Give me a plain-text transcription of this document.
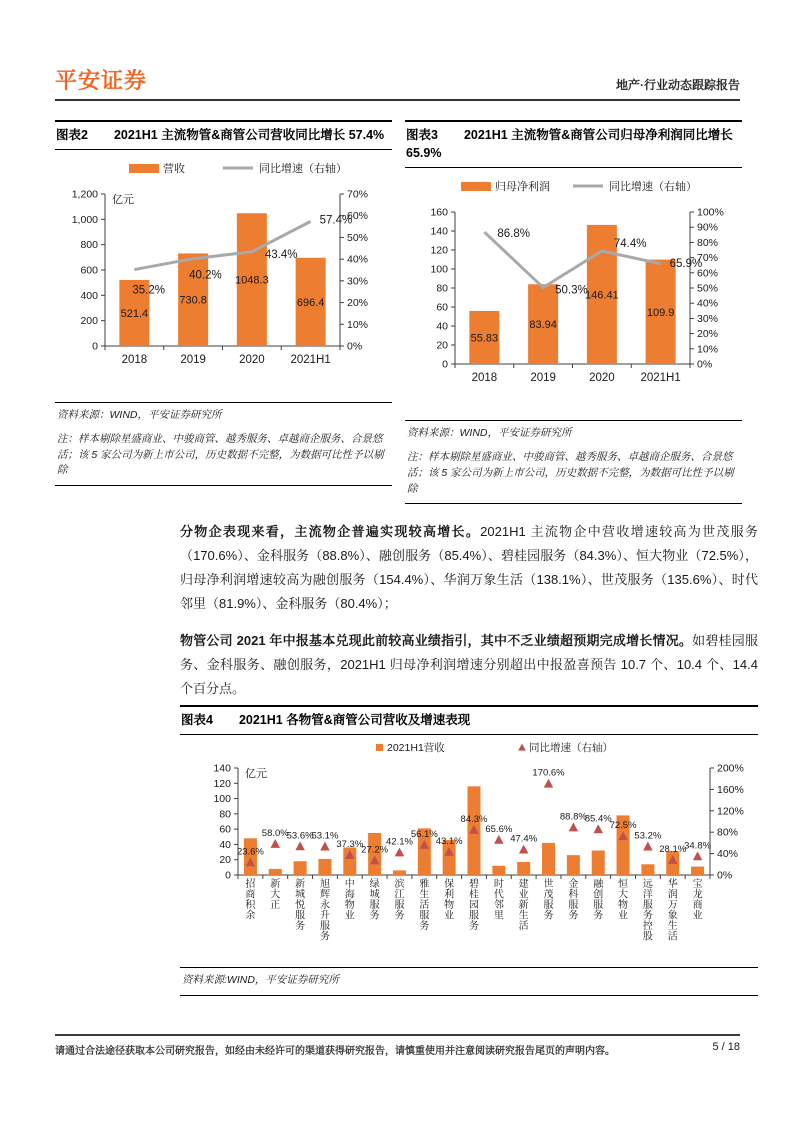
平安证券	地产·行业动态跟踪报告
图表2 2021H1 主流物管&商管公司营收同比增长 57.4%
0
200
400
600
800
1,000
1,200
0%
10%
20%
30%
40%
50%
60%
70%
亿元
521.4
730.8
1048.3
696.4
35.2%
40.2%
43.4%
57.4%
2018	2019	2020 2021H1
营收	同比增速（右轴）
资料来源：WIND，平安证券研究所
注：样本剔除星盛商业、中骏商管、越秀服务、卓越商企服务、合景悠活；该 5 家公司为新上市公司，历史数据不完整，为数据可比性予以剔除
图表3 2021H1 主流物管&商管公司归母净利润同比增长 65.9%
0
20
40
60
80
100
120
140
160
0%
10%
20%
30%
40%
50%
60%
70%
80%
90%
100%
55.83
83.94
146.41
109.9
86.8%
50.3%
74.4%
65.9%
2018	2019	2020 2021H1
归母净利润	同比增速（右轴）
资料来源：WIND，平安证券研究所
注：样本剔除星盛商业、中骏商管、越秀服务、卓越商企服务、合景悠活；该 5 家公司为新上市公司，历史数据不完整，为数据可比性予以剔除

分物企表现来看，主流物企普遍实现较高增长。2021H1 主流物企中营收增速较高为世茂服务（170.6%）、金科服务（88.8%）、融创服务（85.4%）、碧桂园服务（84.3%）、恒大物业（72.5%），归母净利润增速较高为融创服务（154.4%）、华润万象生活（138.1%）、世茂服务（135.6%）、时代邻里（81.9%）、金科服务（80.4%）；

物管公司 2021 年中报基本兑现此前较高业绩指引，其中不乏业绩超预期完成增长情况。如碧桂园服务、金科服务、融创服务，2021H1 归母净利润增速分别超出中报盈喜预告 10.7 个、10.4 个、14.4 个百分点。

图表4 2021H1 各物管&商管公司营收及增速表现
0
20
40
60
80
100
120
140
0%
40%
80%
120%
160%
200%
亿元
23.6%
58.0%
53.6%
53.1%
37.3%
27.2%
42.1%
56.1%
43.1%
84.3%
65.6%
47.4%
170.6%
88.8%
85.4%
72.5%
53.2%
28.1%
34.8%
招商积余
新大正
新城悦服务
旭辉永升服务
中海物业
绿城服务
滨江服务
雅生活服务
保利物业
碧桂园服务
时代邻里
建业新生活
世茂服务
金科服务
融创服务
恒大物业
远洋服务控股
华润万象生活
宝龙商业
2021H1营收	同比增速（右轴）
资料来源:WIND，平安证券研究所
请通过合法途径获取本公司研究报告，如经由未经许可的渠道获得研究报告，请慎重使用并注意阅读研究报告尾页的声明内容。	5 / 18
